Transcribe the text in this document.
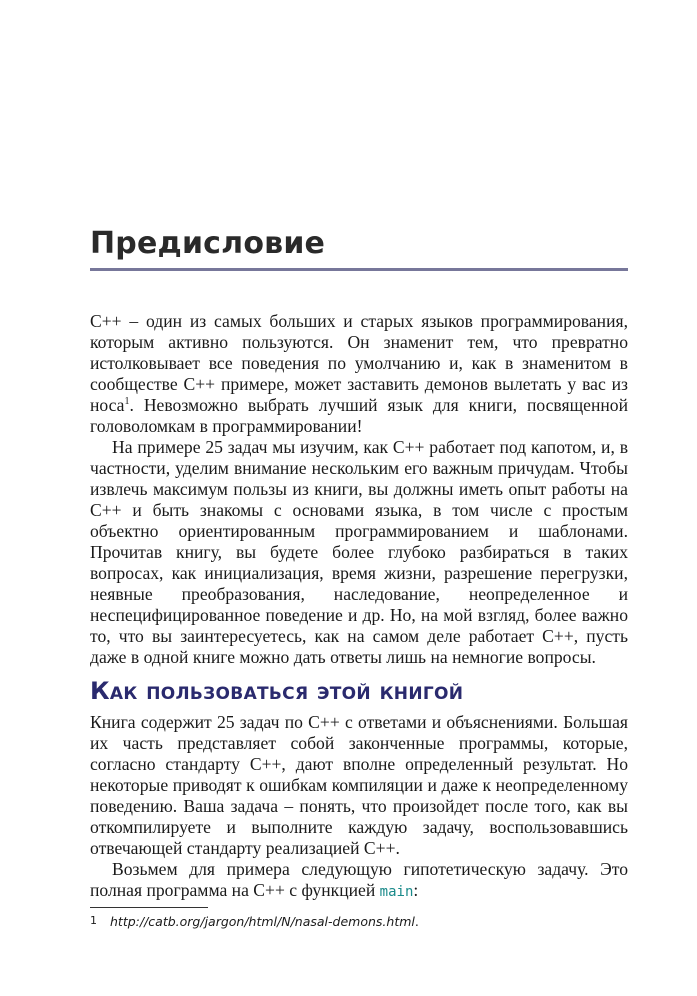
Предисловие

C++ – один из самых больших и старых языков программирования, которым активно пользуются. Он знаменит тем, что превратно истолковывает все поведения по умолчанию и, как в знаменитом в сообществе C++ примере, может заставить демонов вылетать у вас из носа$^1$. Невозможно выбрать лучший язык для книги, посвященной головоломкам в программировании!

На примере 25 задач мы изучим, как C++ работает под капотом, и, в частности, уделим внимание нескольким его важным причудам. Чтобы извлечь максимум пользы из книги, вы должны иметь опыт работы на C++ и быть знакомы с основами языка, в том числе с простым объектно ориентированным программированием и шаблонами. Прочитав книгу, вы будете более глубоко разбираться в таких вопросах, как инициализация, время жизни, разрешение перегрузки, неявные преобразования, наследование, неопределенное и неспецифицированное поведение и др. Но, на мой взгляд, более важно то, что вы заинтересуетесь, как на самом деле работает C++, пусть даже в одной книге можно дать ответы лишь на немногие вопросы.

Как пользоваться этой книгой

Книга содержит 25 задач по C++ с ответами и объяснениями. Большая их часть представляет собой законченные программы, которые, согласно стандарту C++, дают вполне определенный результат. Но некоторые приводят к ошибкам компиляции и даже к неопределенному поведению. Ваша задача – понять, что произойдет после того, как вы откомпилируете и выполните каждую задачу, воспользовавшись отвечающей стандарту реализацией C++.

Возьмем для примера следующую гипотетическую задачу. Это полная программа на C++ с функцией main:

1 http://catb.org/jargon/html/N/nasal-demons.html.
